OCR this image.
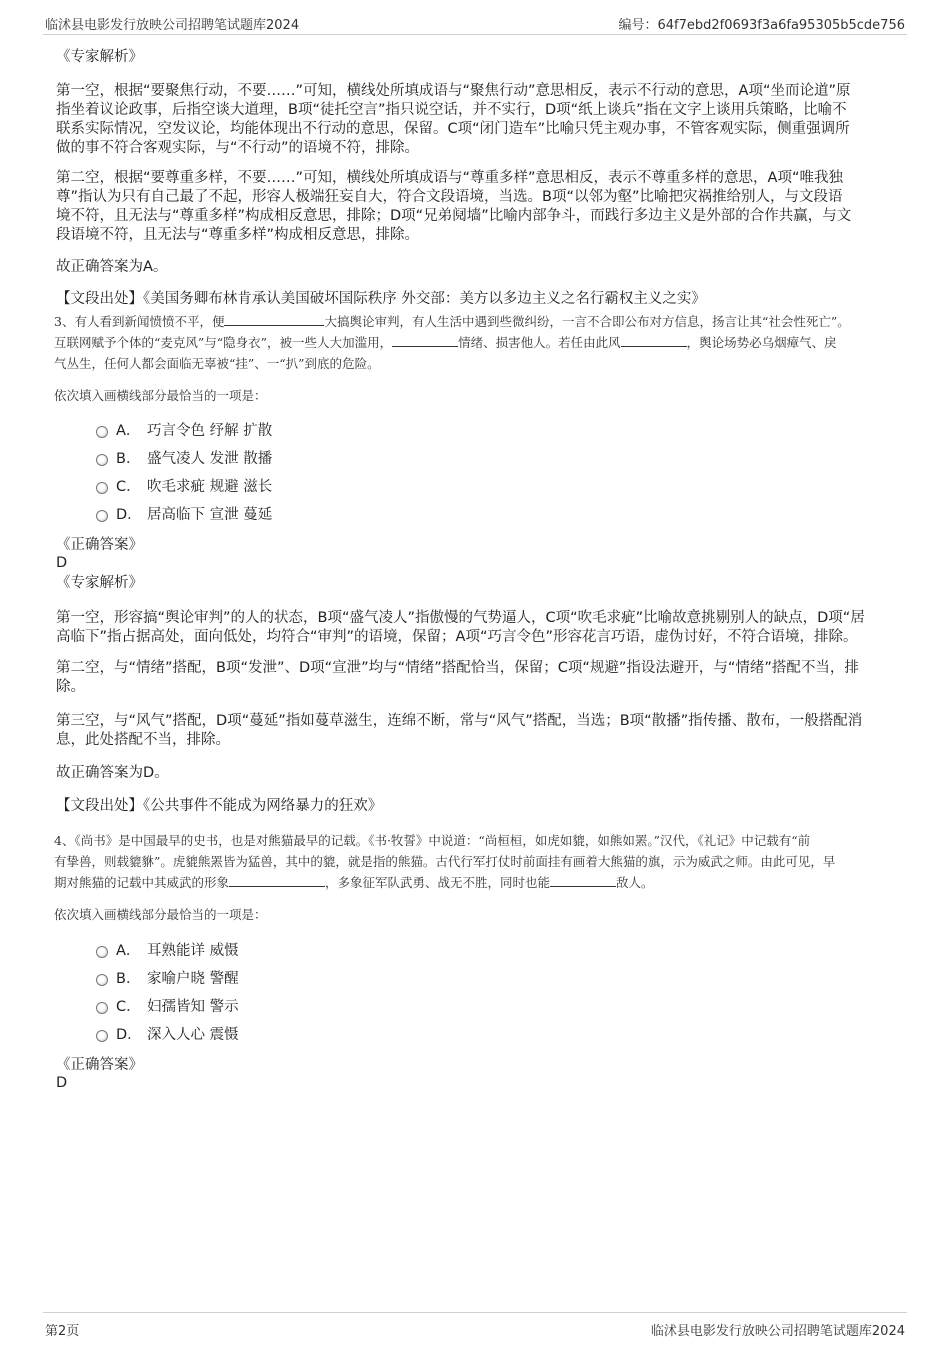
临沭县电影发行放映公司招聘笔试题库2024	编号：64f7ebd2f0693f3a6fa95305b5cde756
《专家解析》
第一空，根据“要聚焦行动，不要……”可知，横线处所填成语与“聚焦行动”意思相反，表示不行动的意思，A项“坐而论道”原
指坐着议论政事，后指空谈大道理，B项“徒托空言”指只说空话，并不实行，D项“纸上谈兵”指在文字上谈用兵策略，比喻不
联系实际情况，空发议论，均能体现出不行动的意思，保留。C项“闭门造车”比喻只凭主观办事，不管客观实际，侧重强调所
做的事不符合客观实际，与“不行动”的语境不符，排除。
第二空，根据“要尊重多样，不要……”可知，横线处所填成语与“尊重多样”意思相反，表示不尊重多样的意思，A项“唯我独
尊”指认为只有自己最了不起，形容人极端狂妄自大，符合文段语境，当选。B项“以邻为壑”比喻把灾祸推给别人，与文段语
境不符，且无法与“尊重多样”构成相反意思，排除；D项“兄弟阋墙”比喻内部争斗，而践行多边主义是外部的合作共赢，与文
段语境不符，且无法与“尊重多样”构成相反意思，排除。
故正确答案为A。
【文段出处】《美国务卿布林肯承认美国破坏国际秩序 外交部：美方以多边主义之名行霸权主义之实》
3、有人看到新闻愤愤不平，便	大搞舆论审判，有人生活中遇到些微纠纷，一言不合即公布对方信息，扬言让其“社会性死亡”。
互联网赋予个体的“麦克风”与“隐身衣”，被一些人大加滥用，	情绪、损害他人。若任由此风	，舆论场势必乌烟瘴气、戾
气丛生，任何人都会面临无辜被“挂”、一“扒”到底的危险。
依次填入画横线部分最恰当的一项是：
A． 巧言令色 纾解 扩散
B． 盛气凌人 发泄 散播
C． 吹毛求疵 规避 滋长
D． 居高临下 宣泄 蔓延
《正确答案》
D
《专家解析》
第一空，形容搞“舆论审判”的人的状态，B项“盛气凌人”指傲慢的气势逼人，C项“吹毛求疵”比喻故意挑剔别人的缺点，D项“居
高临下”指占据高处，面向低处，均符合“审判”的语境，保留；A项“巧言令色”形容花言巧语，虚伪讨好，不符合语境，排除。
第二空，与“情绪”搭配，B项“发泄”、D项“宣泄”均与“情绪”搭配恰当，保留；C项“规避”指设法避开，与“情绪”搭配不当，排
除。
第三空，与“风气”搭配，D项“蔓延”指如蔓草滋生，连绵不断，常与“风气”搭配，当选；B项“散播”指传播、散布，一般搭配消
息，此处搭配不当，排除。
故正确答案为D。
【文段出处】《公共事件不能成为网络暴力的狂欢》
4、《尚书》是中国最早的史书，也是对熊猫最早的记载。《书·牧誓》中说道：“尚桓桓，如虎如貔，如熊如罴。”汉代，《礼记》中记载有“前
有挚兽，则载貔貅”。虎貔熊罴皆为猛兽，其中的貔，就是指的熊猫。古代行军打仗时前面挂有画着大熊猫的旗，示为威武之师。由此可见，早
期对熊猫的记载中其威武的形象	，多象征军队武勇、战无不胜，同时也能	敌人。
依次填入画横线部分最恰当的一项是：
A． 耳熟能详 威慑
B． 家喻户晓 警醒
C． 妇孺皆知 警示
D． 深入人心 震慑
《正确答案》
D
第2页	临沭县电影发行放映公司招聘笔试题库2024
